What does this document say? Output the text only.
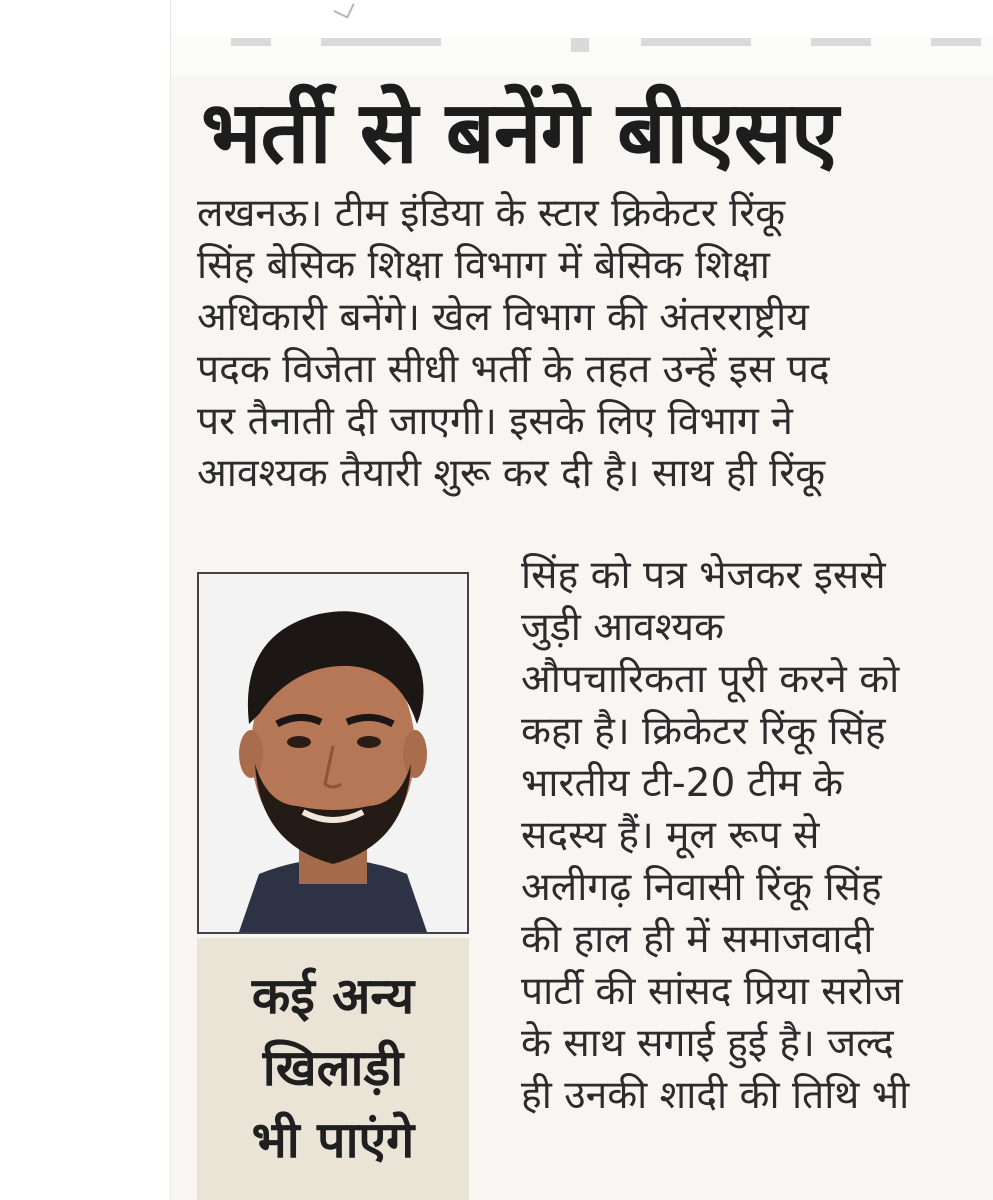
भर्ती से बनेंगे बीएसए
लखनऊ। टीम इंडिया के स्टार क्रिकेटर रिंकू
सिंह बेसिक शिक्षा विभाग में बेसिक शिक्षा
अधिकारी बनेंगे। खेल विभाग की अंतरराष्ट्रीय
पदक विजेता सीधी भर्ती के तहत उन्हें इस पद
पर तैनाती दी जाएगी। इसके लिए विभाग ने
आवश्यक तैयारी शुरू कर दी है। साथ ही रिंकू
कई अन्य
खिलाड़ी
भी पाएंगे
सिंह को पत्र भेजकर इससे
जुड़ी आवश्यक
औपचारिकता पूरी करने को
कहा है। क्रिकेटर रिंकू सिंह
भारतीय टी-20 टीम के
सदस्य हैं। मूल रूप से
अलीगढ़ निवासी रिंकू सिंह
की हाल ही में समाजवादी
पार्टी की सांसद प्रिया सरोज
के साथ सगाई हुई है। जल्द
ही उनकी शादी की तिथि भी
